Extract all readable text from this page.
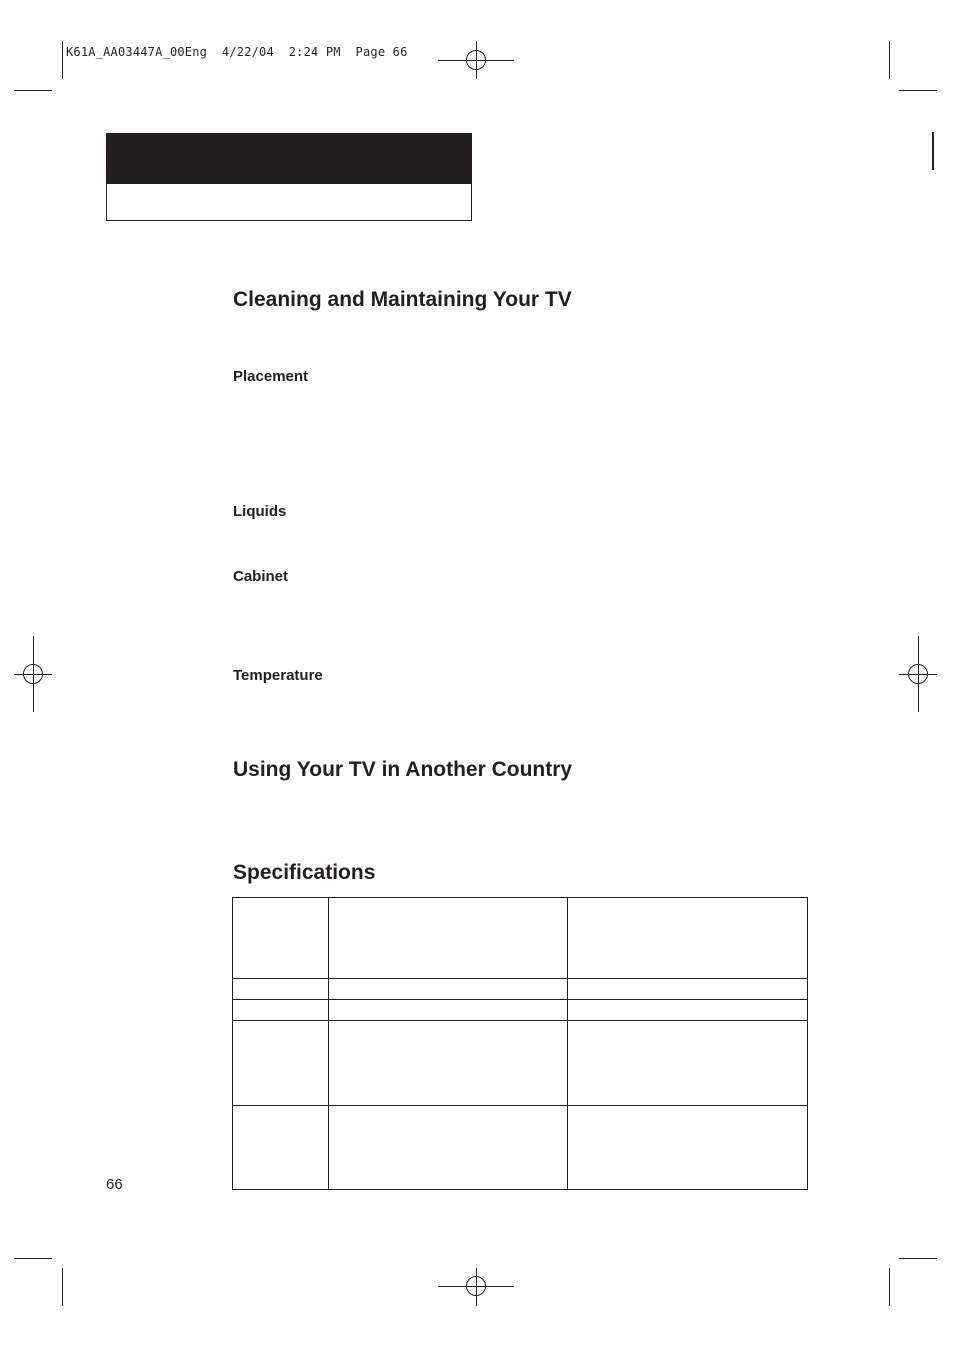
K61A_AA03447A_00Eng  4/22/04  2:24 PM  Page 66
Cleaning and Maintaining Your TV
Placement
Liquids
Cabinet
Temperature
Using Your TV in Another Country
Specifications

66
